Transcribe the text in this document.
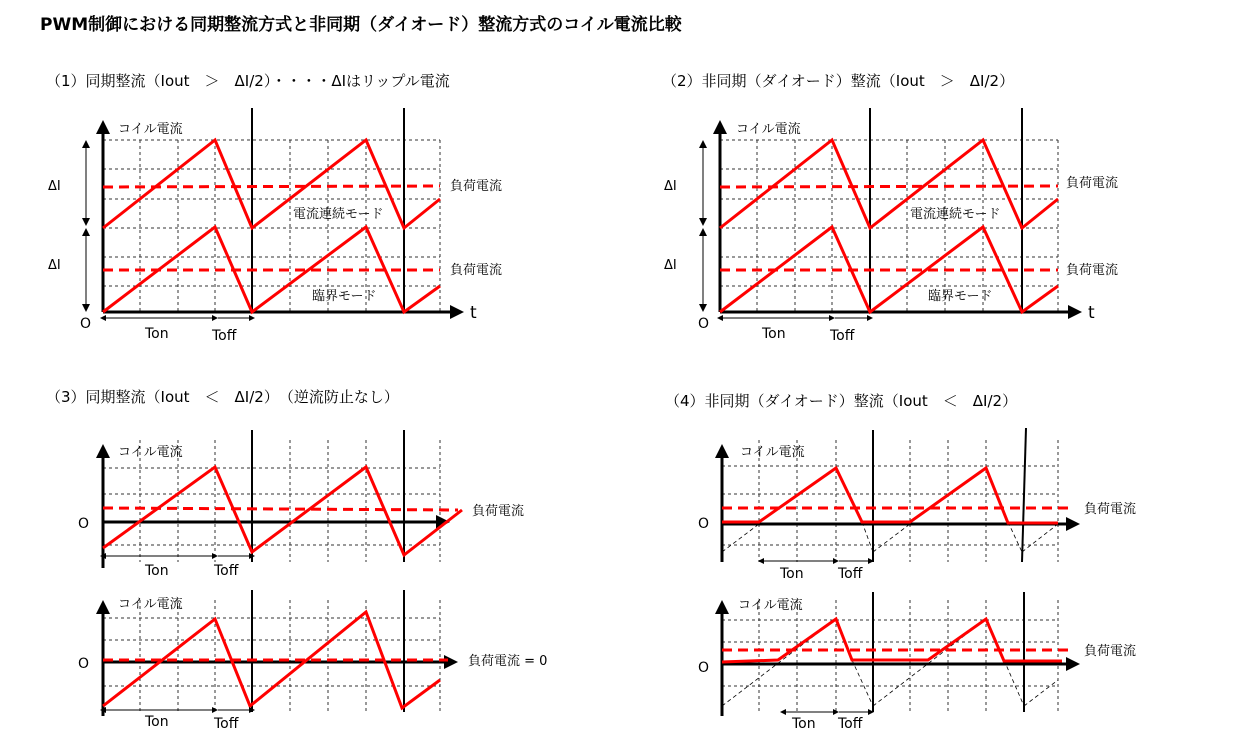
PWM制御における同期整流方式と非同期（ダイオード）整流方式のコイル電流比較
（1）同期整流（Iout　＞　ΔI/2）・・・・ΔIはリップル電流	（2）非同期（ダイオード）整流（Iout　＞　ΔI/2）
（3）同期整流（Iout　＜　ΔI/2）　（逆流防止なし）	（4）非同期（ダイオード）整流（Iout　＜　ΔI/2）
ΔI
ΔI
コイル電流
負荷電流
負荷電流
電流連続モード
臨界モード
O
t
Ton	Toff
ΔI
ΔI
コイル電流
負荷電流
負荷電流
電流連続モード
臨界モード
O
t
Ton	Toff
コイル電流
負荷電流
O
Ton	Toff
コイル電流
負荷電流 = 0
O
Ton	Toff
コイル電流
負荷電流
O
Ton Toff
コイル電流
負荷電流
O
Ton Toff
